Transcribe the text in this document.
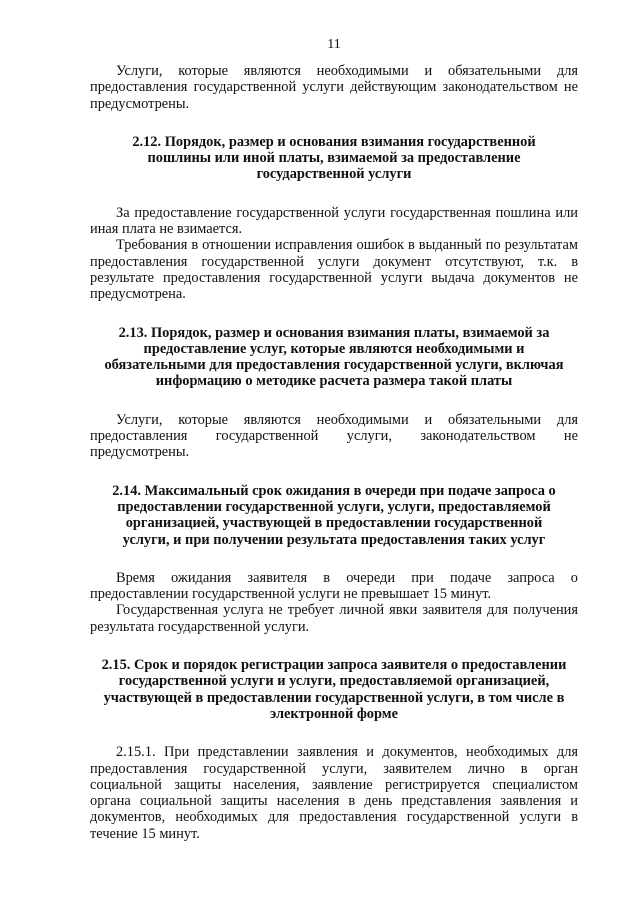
11

Услуги, которые являются необходимыми и обязательными для предоставления государственной услуги действующим законодательством не предусмотрены.

2.12. Порядок, размер и основания взимания государственной
пошлины или иной платы, взимаемой за предоставление
государственной услуги

За предоставление государственной услуги государственная пошлина или иная плата не взимается.

Требования в отношении исправления ошибок в выданный по результатам предоставления государственной услуги документ отсутствуют, т.к. в результате предоставления государственной услуги выдача документов не предусмотрена.

2.13. Порядок, размер и основания взимания платы, взимаемой за
предоставление услуг, которые являются необходимыми и
обязательными для предоставления государственной услуги, включая
информацию о методике расчета размера такой платы

Услуги, которые являются необходимыми и обязательными для предоставления государственной услуги, законодательством не предусмотрены.

2.14. Максимальный срок ожидания в очереди при подаче запроса о
предоставлении государственной услуги, услуги, предоставляемой
организацией, участвующей в предоставлении государственной
услуги, и при получении результата предоставления таких услуг

Время ожидания заявителя в очереди при подаче запроса о предоставлении государственной услуги не превышает 15 минут.

Государственная услуга не требует личной явки заявителя для получения результата государственной услуги.

2.15. Срок и порядок регистрации запроса заявителя о предоставлении
государственной услуги и услуги, предоставляемой организацией,
участвующей в предоставлении государственной услуги, в том числе в
электронной форме

2.15.1. При представлении заявления и документов, необходимых для предоставления государственной услуги, заявителем лично в орган социальной защиты населения, заявление регистрируется специалистом органа социальной защиты населения в день представления заявления и документов, необходимых для предоставления государственной услуги в течение 15 минут.
